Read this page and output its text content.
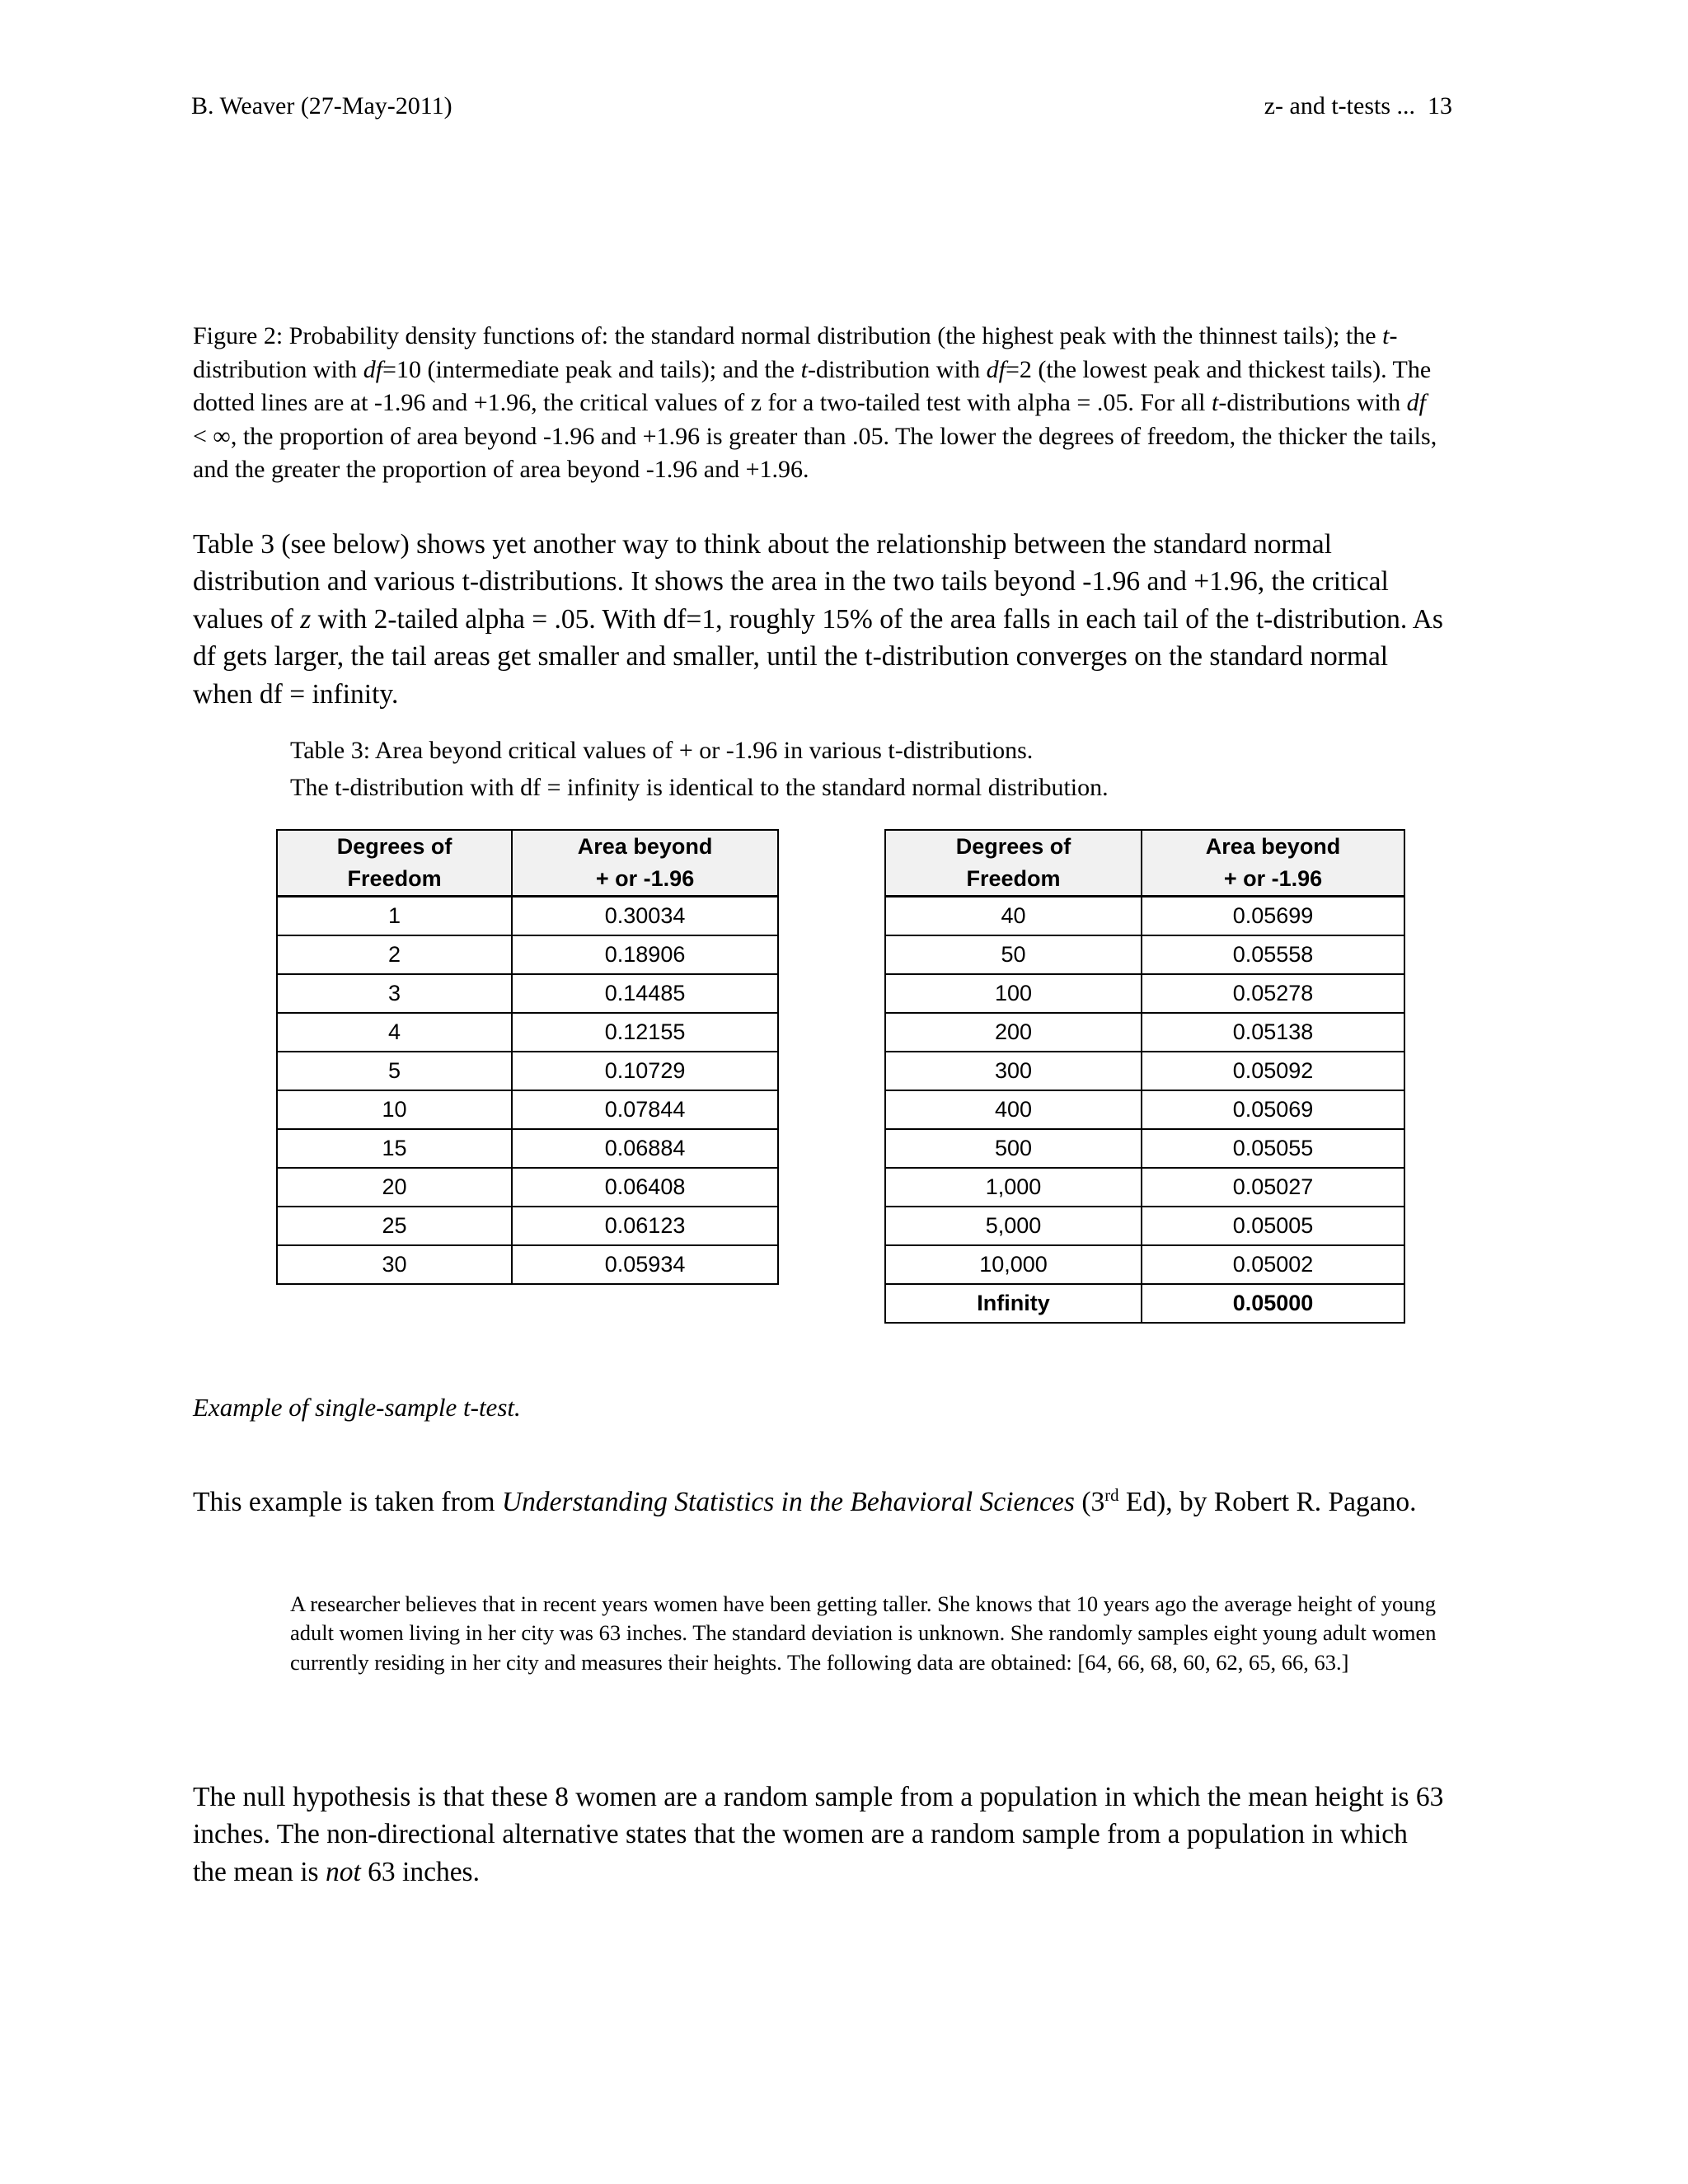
B. Weaver (27-May-2011)	z- and t-tests ...  13

Figure 2: Probability density functions of: the standard normal distribution (the highest peak with the thinnest tails); the t-distribution with df=10 (intermediate peak and tails); and the t-distribution with df=2 (the lowest peak and thickest tails). The dotted lines are at -1.96 and +1.96, the critical values of z for a two-tailed test with alpha = .05. For all t-distributions with df < ∞, the proportion of area beyond -1.96 and +1.96 is greater than .05. The lower the degrees of freedom, the thicker the tails, and the greater the proportion of area beyond -1.96 and +1.96.

Table 3 (see below) shows yet another way to think about the relationship between the standard normal distribution and various t-distributions. It shows the area in the two tails beyond -1.96 and +1.96, the critical values of z with 2-tailed alpha = .05. With df=1, roughly 15% of the area falls in each tail of the t-distribution. As df gets larger, the tail areas get smaller and smaller, until the t-distribution converges on the standard normal when df = infinity.

Table 3: Area beyond critical values of + or -1.96 in various t-distributions.
The t-distribution with df = infinity is identical to the standard normal distribution.
Degrees of
Freedom	Area beyond
+ or -1.96
1	0.30034
2	0.18906
3	0.14485
4	0.12155
5	0.10729
10	0.07844
15	0.06884
20	0.06408
25	0.06123
30	0.05934
Degrees of
Freedom	Area beyond
+ or -1.96
40	0.05699
50	0.05558
100	0.05278
200	0.05138
300	0.05092
400	0.05069
500	0.05055
1,000	0.05027
5,000	0.05005
10,000	0.05002
Infinity	0.05000
Example of single-sample t-test.

This example is taken from Understanding Statistics in the Behavioral Sciences (3rd Ed), by Robert R. Pagano.

A researcher believes that in recent years women have been getting taller. She knows that 10 years ago the average height of young adult women living in her city was 63 inches. The standard deviation is unknown. She randomly samples eight young adult women currently residing in her city and measures their heights. The following data are obtained: [64, 66, 68, 60, 62, 65, 66, 63.]

The null hypothesis is that these 8 women are a random sample from a population in which the mean height is 63 inches. The non-directional alternative states that the women are a random sample from a population in which the mean is not 63 inches.
